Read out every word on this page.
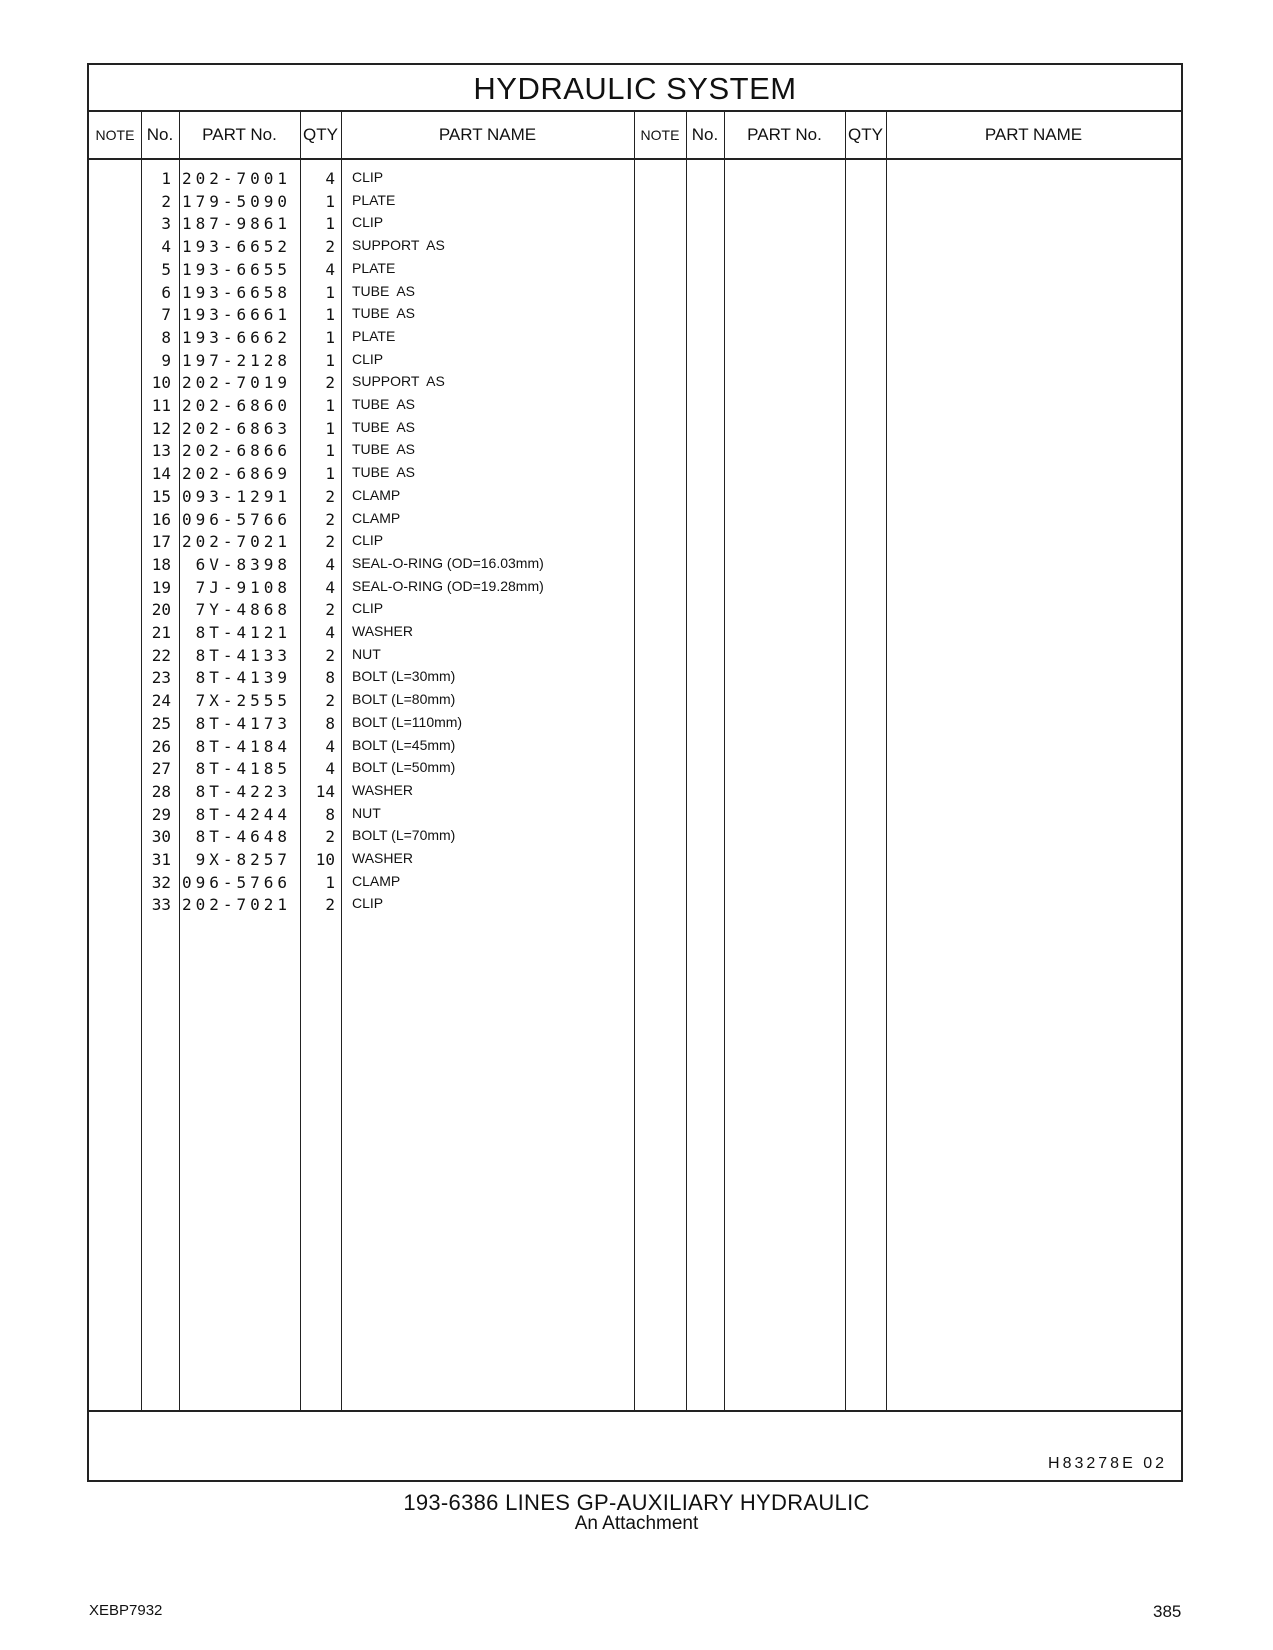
HYDRAULIC SYSTEM
NOTE No.	PART No.	QTY	PART NAME	NOTE No.	PART No.	QTY	PART NAME
1 202-7001	4 CLIP
2 179-5090	1 PLATE
3 187-9861	1 CLIP
4 193-6652	2 SUPPORT  AS
5 193-6655	4 PLATE
6 193-6658	1 TUBE  AS
7 193-6661	1 TUBE  AS
8 193-6662	1 PLATE
9 197-2128	1 CLIP
10 202-7019	2 SUPPORT  AS
11 202-6860	1 TUBE  AS
12 202-6863	1 TUBE  AS
13 202-6866	1 TUBE  AS
14 202-6869	1 TUBE  AS
15 093-1291	2 CLAMP
16 096-5766	2 CLAMP
17 202-7021	2 CLIP
18	6V-8398	4 SEAL-O-RING (OD=16.03mm)
19	7J-9108	4 SEAL-O-RING (OD=19.28mm)
20	7Y-4868	2 CLIP
21	8T-4121	4 WASHER
22	8T-4133	2 NUT
23	8T-4139	8 BOLT (L=30mm)
24	7X-2555	2 BOLT (L=80mm)
25	8T-4173	8 BOLT (L=110mm)
26	8T-4184	4 BOLT (L=45mm)
27	8T-4185	4 BOLT (L=50mm)
28	8T-4223	14 WASHER
29	8T-4244	8 NUT
30	8T-4648	2 BOLT (L=70mm)
31	9X-8257	10 WASHER
32 096-5766	1 CLAMP
33 202-7021	2 CLIP
H83278E 02
193-6386 LINES GP-AUXILIARY HYDRAULIC
An Attachment
XEBP7932	385
